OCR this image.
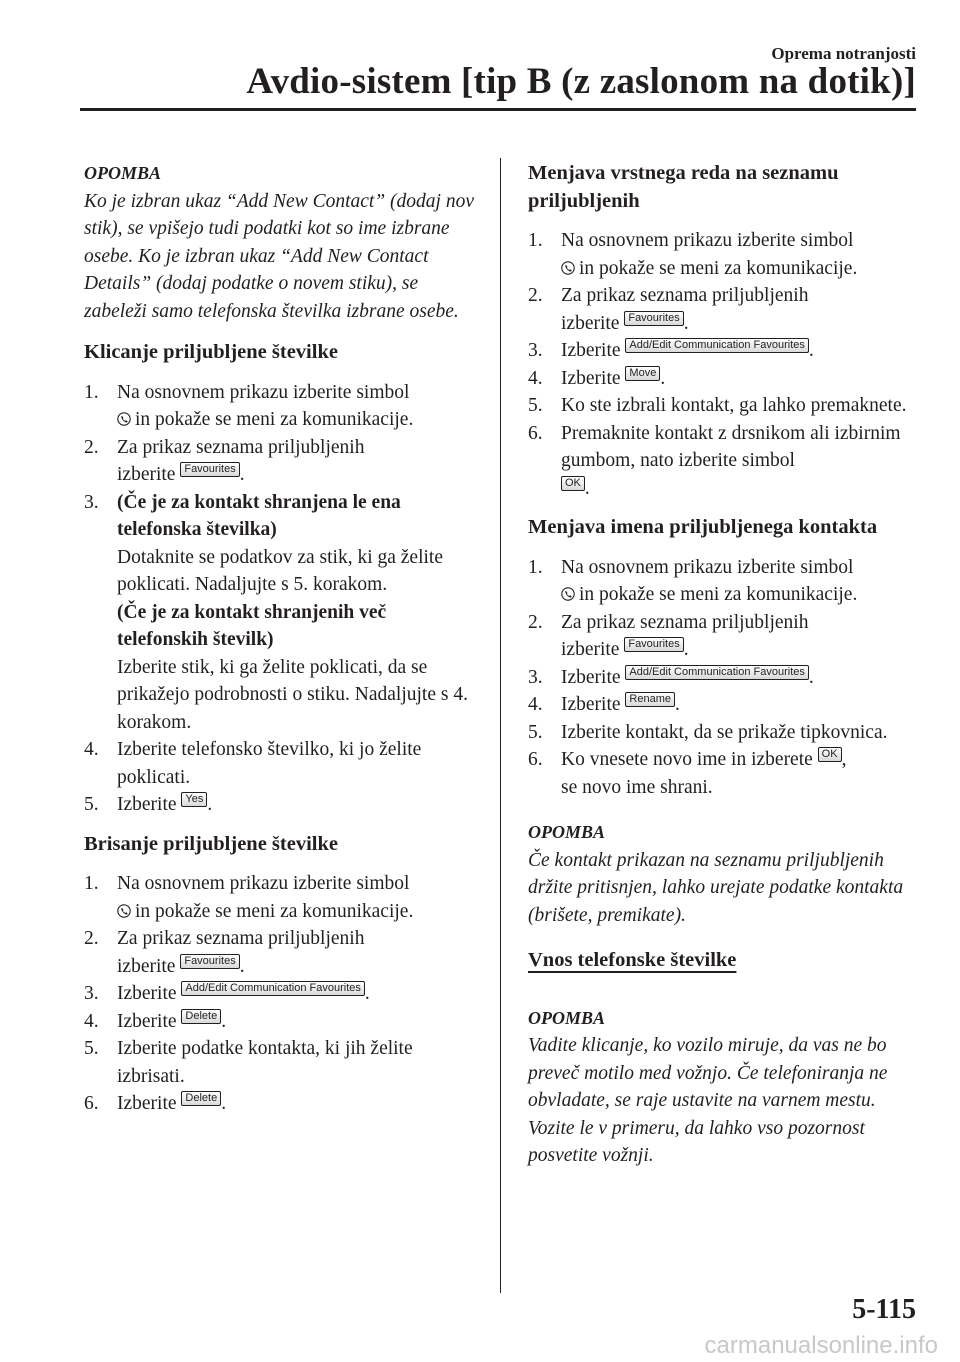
Oprema notranjosti
Avdio-sistem [tip B (z zaslonom na dotik)]
OPOMBA
Ko je izbran ukaz “Add New Contact” (dodaj nov stik), se vpišejo tudi podatki kot so ime izbrane osebe. Ko je izbran ukaz “Add New Contact Details” (dodaj podatke o novem stiku), se zabeleži samo telefonska številka izbrane osebe.
Klicanje priljubljene številke
1. Na osnovnem prikazu izberite simbol
in pokaže se meni za komunikacije.
2. Za prikaz seznama priljubljenih
izberite Favourites .
3. (Če je za kontakt shranjena le ena telefonska številka)
Dotaknite se podatkov za stik, ki ga želite poklicati. Nadaljujte s 5. korakom.
(Če je za kontakt shranjenih več telefonskih številk)
Izberite stik, ki ga želite poklicati, da se prikažejo podrobnosti o stiku. Nadaljujte s 4. korakom.
4. Izberite telefonsko številko, ki jo želite poklicati.
5. Izberite Yes .
Brisanje priljubljene številke
1. Na osnovnem prikazu izberite simbol
in pokaže se meni za komunikacije.
2. Za prikaz seznama priljubljenih
izberite Favourites .
3. Izberite Add/Edit Communication Favourites .
4. Izberite Delete .
5. Izberite podatke kontakta, ki jih želite izbrisati.
6. Izberite Delete .
Menjava vrstnega reda na seznamu priljubljenih
1. Na osnovnem prikazu izberite simbol
in pokaže se meni za komunikacije.
2. Za prikaz seznama priljubljenih
izberite Favourites .
3. Izberite Add/Edit Communication Favourites .
4. Izberite Move .
5. Ko ste izbrali kontakt, ga lahko premaknete.
6. Premaknite kontakt z drsnikom ali izbirnim gumbom, nato izberite simbol
OK .
Menjava imena priljubljenega kontakta
1. Na osnovnem prikazu izberite simbol
in pokaže se meni za komunikacije.
2. Za prikaz seznama priljubljenih
izberite Favourites .
3. Izberite Add/Edit Communication Favourites .
4. Izberite Rename .
5. Izberite kontakt, da se prikaže tipkovnica.
6. Ko vnesete novo ime in izberete OK ,
se novo ime shrani.
OPOMBA
Če kontakt prikazan na seznamu priljubljenih držite pritisnjen, lahko urejate podatke kontakta (brišete, premikate).
Vnos telefonske številke
OPOMBA
Vadite klicanje, ko vozilo miruje, da vas ne bo preveč motilo med vožnjo. Če telefoniranja ne obvladate, se raje ustavite na varnem mestu. Vozite le v primeru, da lahko vso pozornost posvetite vožnji.
5-115
carmanualsonline.info
